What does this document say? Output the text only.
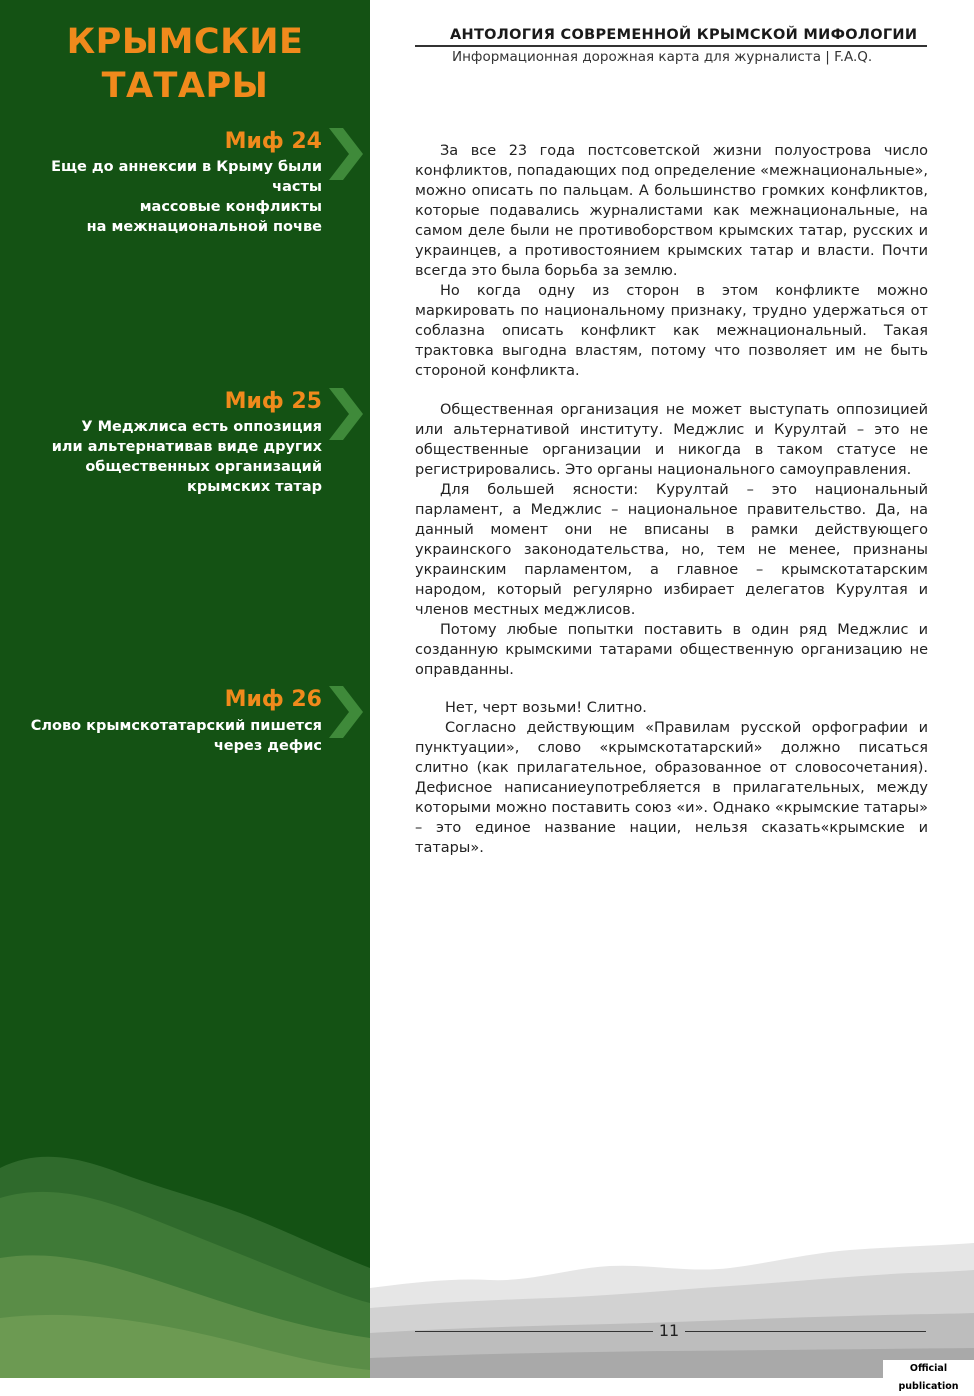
КРЫМСКИЕ
ТАТАРЫ
АНТОЛОГИЯ СОВРЕМЕННОЙ КРЫМСКОЙ МИФОЛОГИИ
Информационная дорожная карта для журналиста | F.A.Q.
Миф 24
Еще до аннексии в Крыму были часты
массовые конфликты
на межнациональной почве

За все 23 года постсоветской жизни полуострова число конфликтов, попадающих под определение «межнациональные», можно описать по пальцам. А большинство громких конфликтов, которые подавались журналистами как межнациональные, на самом деле были не противоборством крымских татар, русских и украинцев, а противостоянием крымских татар и власти. Почти всегда это была борьба за землю.

Но когда одну из сторон в этом конфликте можно маркировать по национальному признаку, трудно удержаться от соблазна описать конфликт как межнациональный. Такая трактовка выгодна властям, потому что позволяет им не быть стороной конфликта.

Миф 25
У Меджлиса есть оппозиция
или альтернативав виде других
общественных организаций
крымских татар

Общественная организация не может выступать оппозицией или альтернативой институту. Меджлис и Курултай – это не общественные организации и никогда в таком статусе не регистрировались. Это органы национального самоуправления.

Для большей ясности: Курултай – это национальный парламент, а Меджлис – национальное правительство. Да, на данный момент они не вписаны в рамки действующего украинского законодательства, но, тем не менее, признаны украинским парламентом, а главное – крымскотатарским народом, который регулярно избирает делегатов Курултая и членов местных меджлисов.

Потому любые попытки поставить в один ряд Меджлис и созданную крымскими татарами общественную организацию не оправданны.

Миф 26
Слово крымскотатарский пишется
через дефис

Нет, черт возьми! Слитно.

Согласно действующим «Правилам русской орфографии и пунктуации», слово «крымскотатарский» должно писаться слитно (как прилагательное, образованное от словосочетания). Дефисное написаниеупотребляется в прилагательных, между которыми можно поставить союз «и». Однако «крымские татары» – это единое название нации, нельзя сказать«крымские и татары».

11
Official publication
